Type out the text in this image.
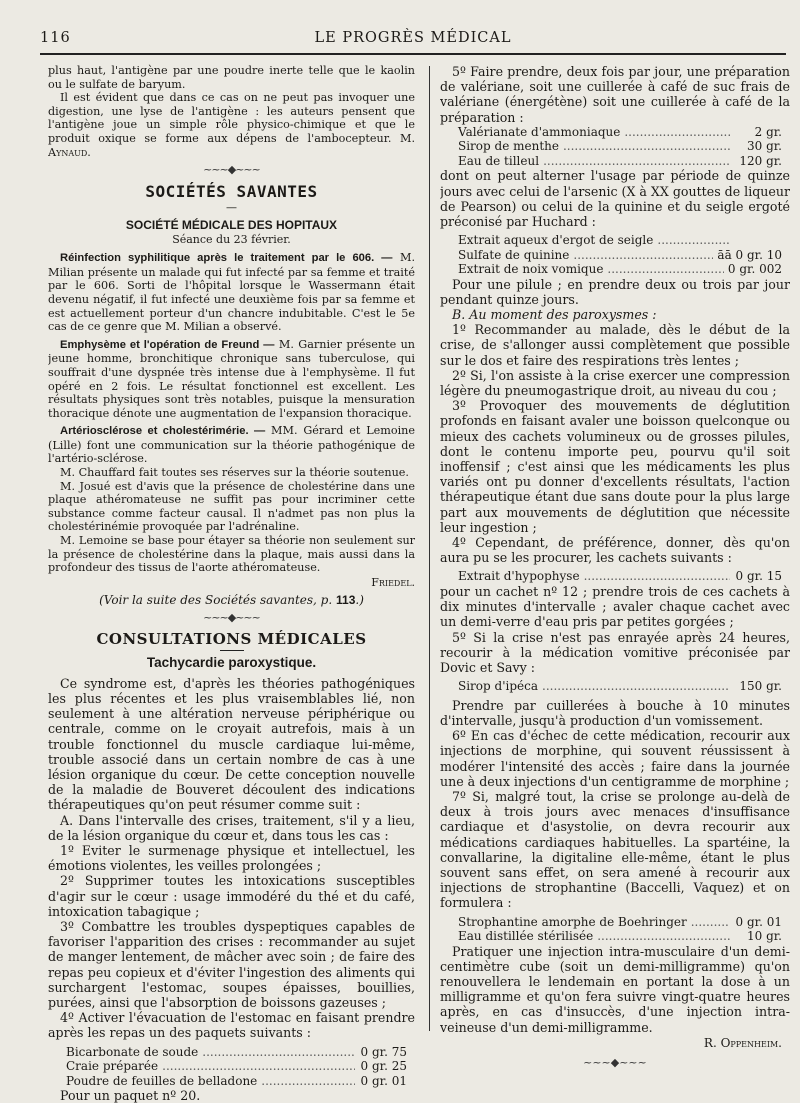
116	LE PROGRÈS MÉDICAL

plus haut, l'antigène par une poudre inerte telle que le kaolin ou le sulfate de baryum.

Il est évident que dans ce cas on ne peut pas invoquer une digestion, une lyse de l'antigène : les auteurs pensent que l'antigène joue un simple rôle physico-chimique et que le produit oxique se forme aux dépens de l'ambocepteur. M. Aynaud.

~~~◆~~~
SOCIÉTÉS SAVANTES
—
SOCIÉTÉ MÉDICALE DES HOPITAUX
Séance du 23 février.

Réinfection syphilitique après le traitement par le 606. — M. Milian présente un malade qui fut infecté par sa femme et traité par le 606. Sorti de l'hôpital lorsque le Wassermann était devenu négatif, il fut infecté une deuxième fois par sa femme et est actuellement porteur d'un chancre indubitable. C'est le 5e cas de ce genre que M. Milian a observé.

Emphysème et l'opération de Freund — M. Garnier présente un jeune homme, bronchitique chronique sans tuberculose, qui souffrait d'une dyspnée très intense due à l'emphysème. Il fut opéré en 2 fois. Le résultat fonctionnel est excellent. Les résultats physiques sont très notables, puisque la mensuration thoracique dénote une augmentation de l'expansion thoracique.

Artériosclérose et cholestérimérie. — MM. Gérard et Lemoine (Lille) font une communication sur la théorie pathogénique de l'artério-sclérose.

M. Chauffard fait toutes ses réserves sur la théorie soutenue.

M. Josué est d'avis que la présence de cholestérine dans une plaque athéromateuse ne suffit pas pour incriminer cette substance comme facteur causal. Il n'admet pas non plus la cholestérinémie provoquée par l'adrénaline.

M. Lemoine se base pour étayer sa théorie non seulement sur la présence de cholestérine dans la plaque, mais aussi dans la profondeur des tissus de l'aorte athéromateuse.

Friedel.
(Voir la suite des Sociétés savantes, p. 113.)
~~~◆~~~
CONSULTATIONS MÉDICALES
Tachycardie paroxystique.

Ce syndrome est, d'après les théories pathogéniques les plus récentes et les plus vraisemblables lié, non seulement à une altération nerveuse périphérique ou centrale, comme on le croyait autrefois, mais à un trouble fonctionnel du muscle cardiaque lui-même, trouble associé dans un certain nombre de cas à une lésion organique du cœur. De cette conception nouvelle de la maladie de Bouveret découlent des indications thérapeutiques qu'on peut résumer comme suit :

A. Dans l'intervalle des crises, traitement, s'il y a lieu, de la lésion organique du cœur et, dans tous les cas :

1º Eviter le surmenage physique et intellectuel, les émotions violentes, les veilles prolongées ;

2º Supprimer toutes les intoxications susceptibles d'agir sur le cœur : usage immodéré du thé et du café, intoxication tabagique ;

3º Combattre les troubles dyspeptiques capables de favoriser l'apparition des crises : recommander au sujet de manger lentement, de mâcher avec soin ; de faire des repas peu copieux et d'éviter l'ingestion des aliments qui surchargent l'estomac, soupes épaisses, bouillies, purées, ainsi que l'absorption de boissons gazeuses ;

4º Activer l'évacuation de l'estomac en faisant prendre après les repas un des paquets suivants :

Bicarbonate de soude .....	0 gr. 75
Craie préparée .....	0 gr. 25
Poudre de feuilles de belladone .....	0 gr. 01

Pour un paquet nº 20.

5º Faire prendre, deux fois par jour, une préparation de valériane, soit une cuillerée à café de suc frais de valériane (énergétène) soit une cuillerée à café de la préparation :

Valérianate d'ammoniaque .....	2 gr.
Sirop de menthe .....	30 gr.
Eau de tilleul .....	120 gr.

dont on peut alterner l'usage par période de quinze jours avec celui de l'arsenic (X à XX gouttes de liqueur de Pearson) ou celui de la quinine et du seigle ergoté préconisé par Huchard :

Extrait aqueux d'ergot de seigle
.....
Sulfate de quinine .....	āā 0 gr. 10
Extrait de noix vomique .....	0 gr. 002

Pour une pilule ; en prendre deux ou trois par jour pendant quinze jours.

B. Au moment des paroxysmes :

1º Recommander au malade, dès le début de la crise, de s'allonger aussi complètement que possible sur le dos et faire des respirations très lentes ;

2º Si, l'on assiste à la crise exercer une compression légère du pneumogastrique droit, au niveau du cou ;

3º Provoquer des mouvements de déglutition profonds en faisant avaler une boisson quelconque ou mieux des cachets volumineux ou de grosses pilules, dont le contenu importe peu, pourvu qu'il soit inoffensif ; c'est ainsi que les médicaments les plus variés ont pu donner d'excellents résultats, l'action thérapeutique étant due sans doute pour la plus large part aux mouvements de déglutition que nécessite leur ingestion ;

4º Cependant, de préférence, donner, dès qu'on aura pu se les procurer, les cachets suivants :

Extrait d'hypophyse .....	0 gr. 15

pour un cachet nº 12 ; prendre trois de ces cachets à dix minutes d'intervalle ; avaler chaque cachet avec un demi-verre d'eau pris par petites gorgées ;

5º Si la crise n'est pas enrayée après 24 heures, recourir à la médication vomitive préconisée par Dovic et Savy :

Sirop d'ipéca .....	150 gr.

Prendre par cuillerées à bouche à 10 minutes d'intervalle, jusqu'à production d'un vomissement.

6º En cas d'échec de cette médication, recourir aux injections de morphine, qui souvent réussissent à modérer l'intensité des accès ; faire dans la journée une à deux injections d'un centigramme de morphine ;

7º Si, malgré tout, la crise se prolonge au-delà de deux à trois jours avec menaces d'insuffisance cardiaque et d'asystolie, on devra recourir aux médications cardiaques habituelles. La spartéine, la convallarine, la digitaline elle-même, étant le plus souvent sans effet, on sera amené à recourir aux injections de strophantine (Baccelli, Vaquez) et on formulera :

Strophantine amorphe de Boehringer .....	0 gr. 01
Eau distillée stérilisée .....	10 gr.

Pratiquer une injection intra-musculaire d'un demi-centimètre cube (soit un demi-milligramme) qu'on renouvellera le lendemain en portant la dose à un milligramme et qu'on fera suivre vingt-quatre heures après, en cas d'insuccès, d'une injection intra-veineuse d'un demi-milligramme.

R. Oppenheim.
~~~◆~~~
